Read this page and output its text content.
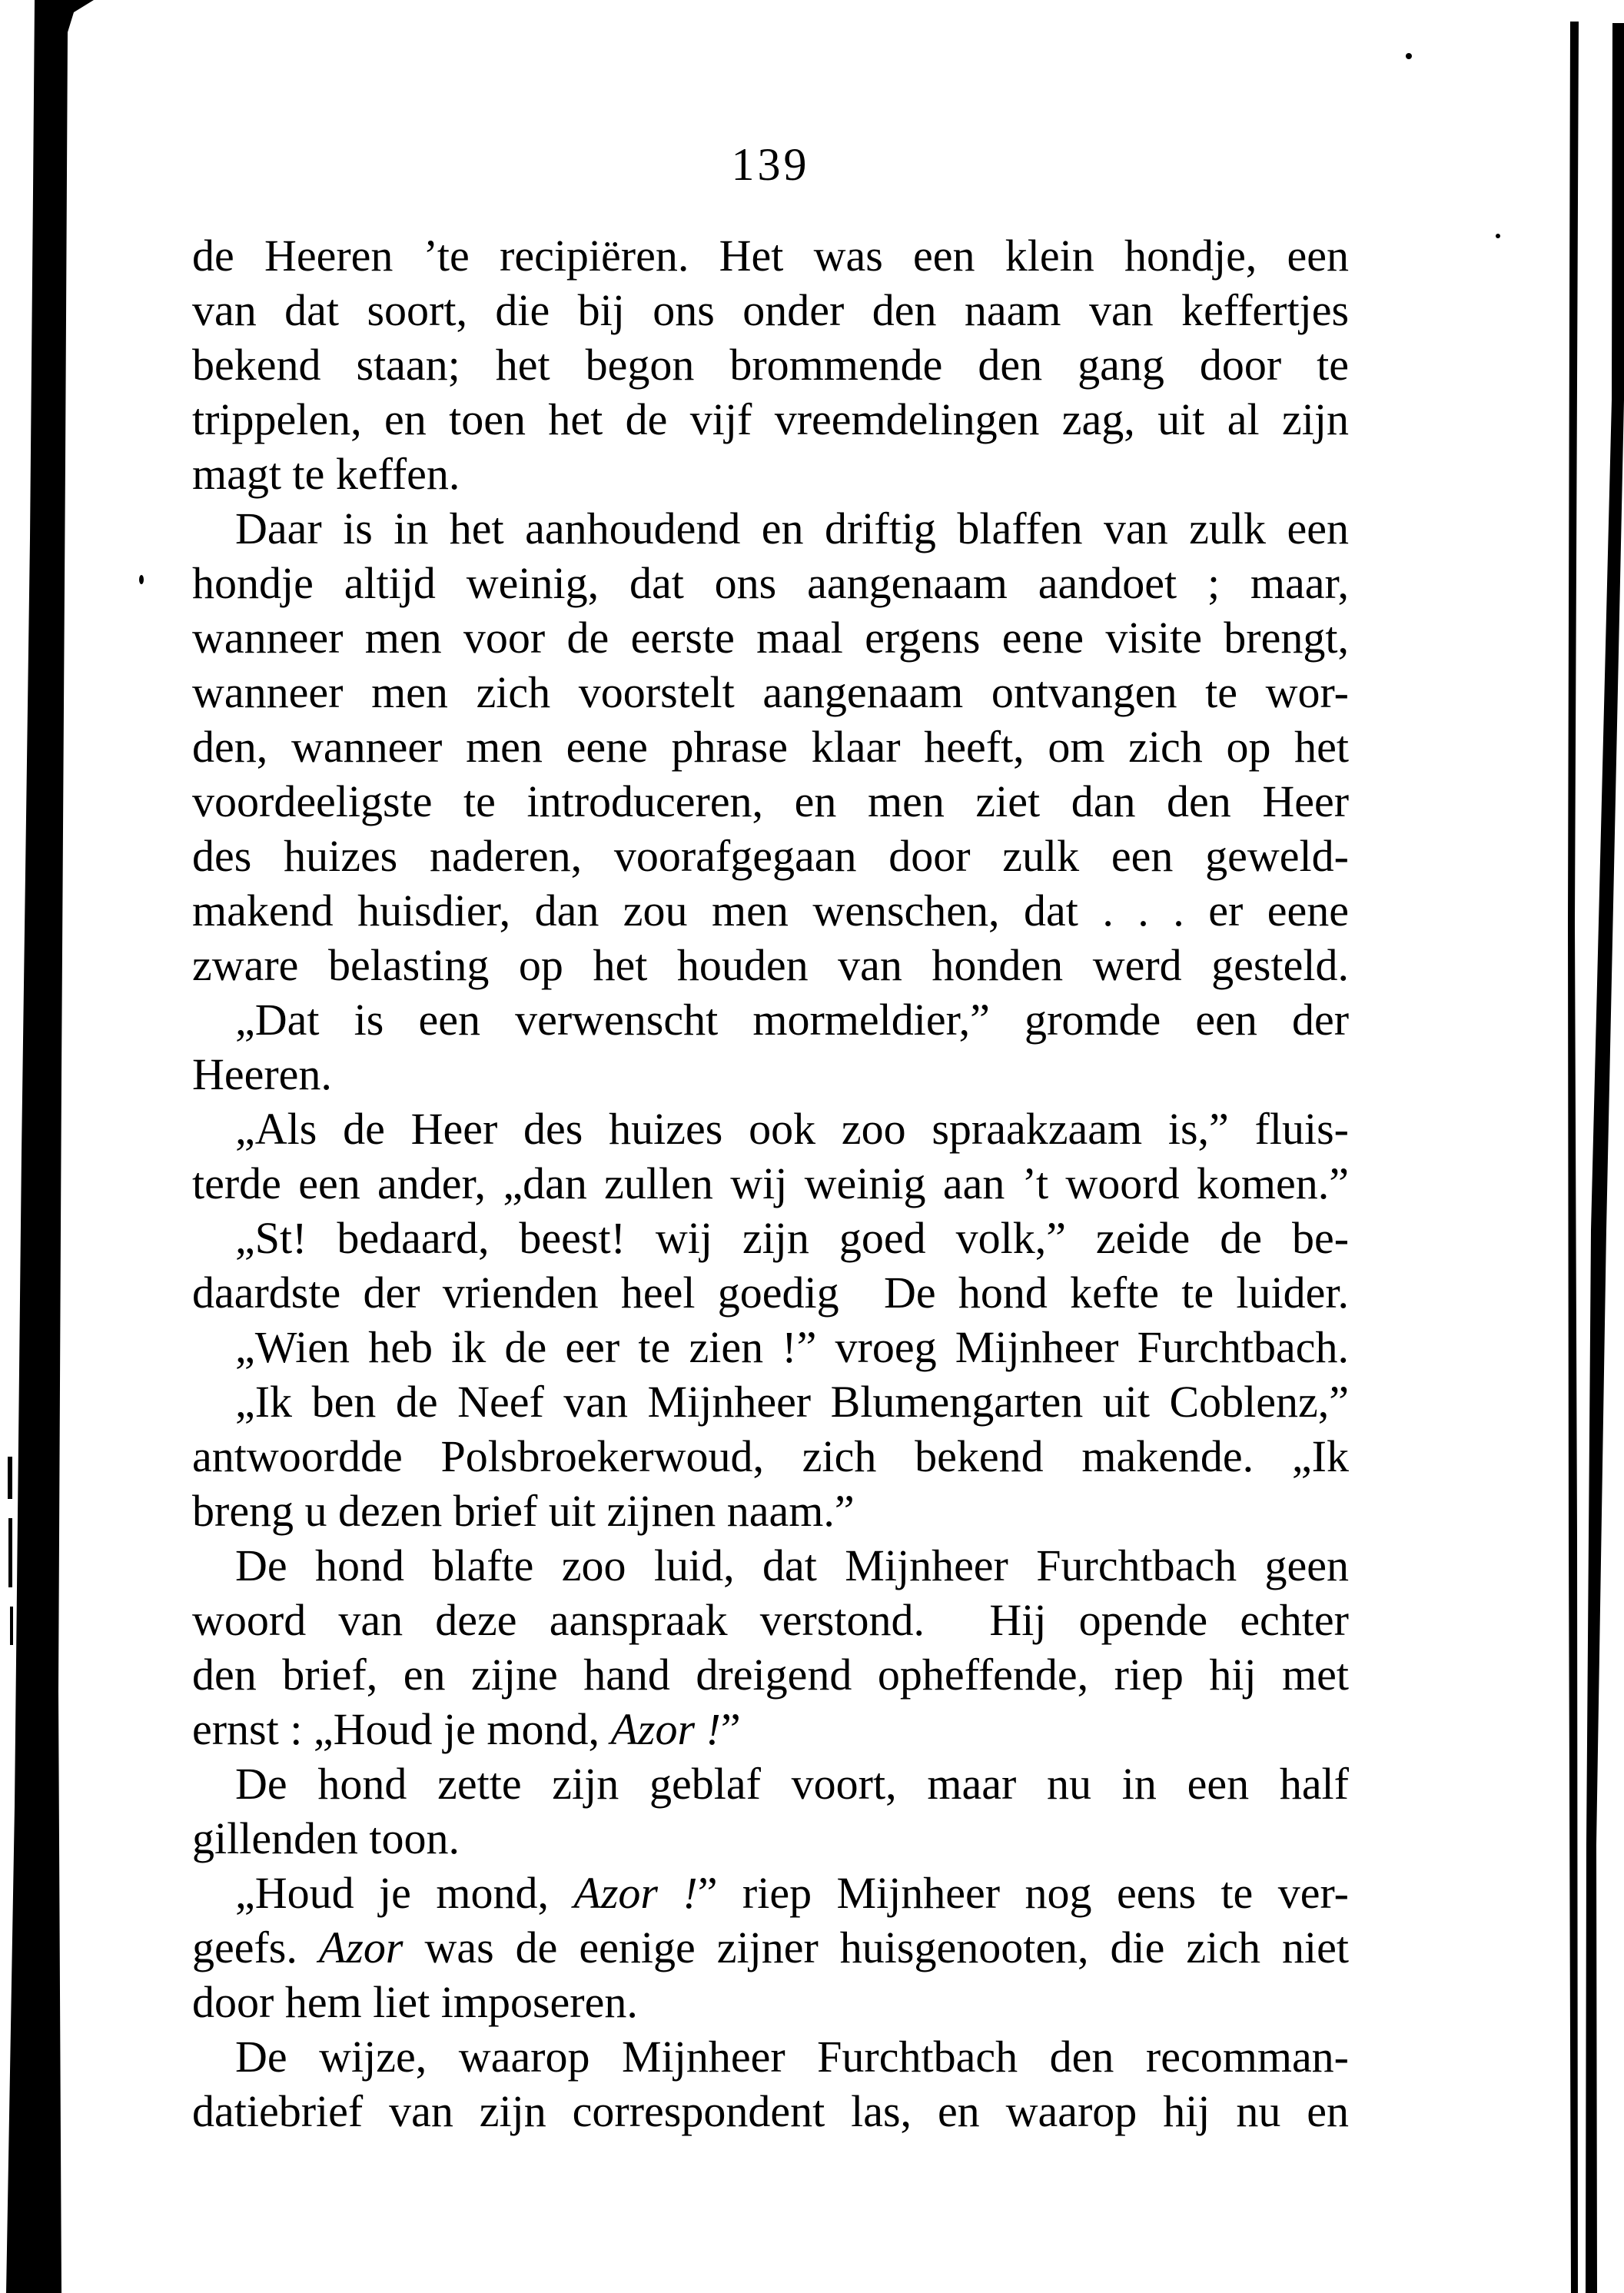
139
de Heeren ’te recipiëren. Het was een klein hondje, een
van dat soort, die bij ons onder den naam van keffertjes
bekend staan; het begon brommende den gang door te
trippelen, en toen het de vijf vreemdelingen zag, uit al zijn
magt te keffen.
Daar is in het aanhoudend en driftig blaffen van zulk een
hondje altijd weinig, dat ons aangenaam aandoet ; maar,
wanneer men voor de eerste maal ergens eene visite brengt,
wanneer men zich voorstelt aangenaam ontvangen te wor-
den, wanneer men eene phrase klaar heeft, om zich op het
voordeeligste te introduceren, en men ziet dan den Heer
des huizes naderen, voorafgegaan door zulk een geweld-
makend huisdier, dan zou men wenschen, dat . . . er eene
zware belasting op het houden van honden werd gesteld.
„Dat is een verwenscht mormeldier,” gromde een der
Heeren.
„Als de Heer des huizes ook zoo spraakzaam is,” fluis-
terde een ander, „dan zullen wij weinig aan ’t woord komen.”
„St! bedaard, beest! wij zijn goed volk,” zeide de be-
daardste der vrienden heel goedig  De hond kefte te luider.
„Wien heb ik de eer te zien !” vroeg Mijnheer Furchtbach.
„Ik ben de Neef van Mijnheer Blumengarten uit Coblenz,”
antwoordde Polsbroekerwoud, zich bekend makende. „Ik
breng u dezen brief uit zijnen naam.”
De hond blafte zoo luid, dat Mijnheer Furchtbach geen
woord van deze aanspraak verstond.  Hij opende echter
den brief, en zijne hand dreigend opheffende, riep hij met
ernst : „Houd je mond, Azor !”
De hond zette zijn geblaf voort, maar nu in een half
gillenden toon.
„Houd je mond, Azor !” riep Mijnheer nog eens te ver-
geefs. Azor was de eenige zijner huisgenooten, die zich niet
door hem liet imposeren.
De wijze, waarop Mijnheer Furchtbach den recomman-
datiebrief van zijn correspondent las, en waarop hij nu en
